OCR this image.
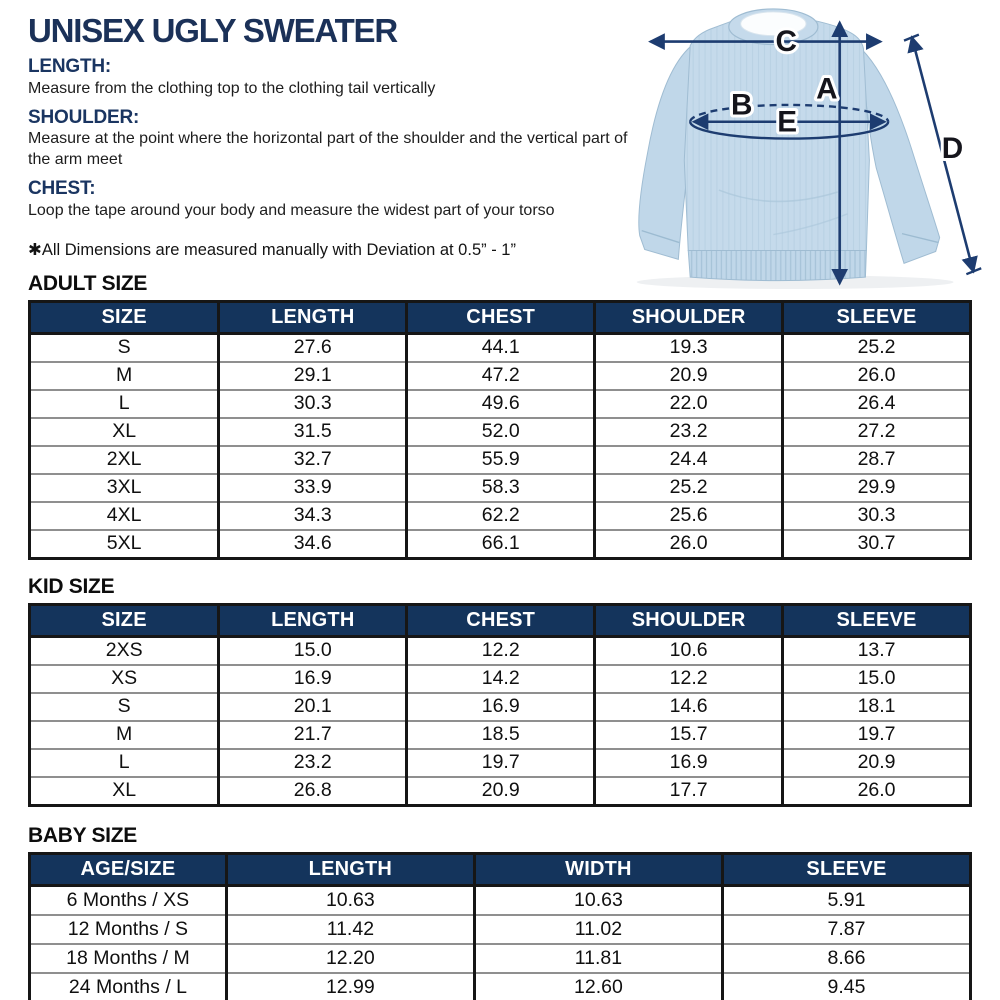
UNISEX UGLY SWEATER
LENGTH:

Measure from the clothing top to the clothing tail vertically

SHOULDER:

Measure at the point where the horizontal part of the shoulder and the vertical part of the arm meet

CHEST:

Loop the tape around your body and measure the widest part of your torso

✱All Dimensions are measured manually with Deviation at 0.5” - 1”

C
A
B
E
D
ADULT SIZE
SIZE	LENGTH	CHEST	SHOULDER	SLEEVE
S	27.6	44.1	19.3	25.2
M	29.1	47.2	20.9	26.0
L	30.3	49.6	22.0	26.4
XL	31.5	52.0	23.2	27.2
2XL	32.7	55.9	24.4	28.7
3XL	33.9	58.3	25.2	29.9
4XL	34.3	62.2	25.6	30.3
5XL	34.6	66.1	26.0	30.7
KID SIZE
SIZE	LENGTH	CHEST	SHOULDER	SLEEVE
2XS	15.0	12.2	10.6	13.7
XS	16.9	14.2	12.2	15.0
S	20.1	16.9	14.6	18.1
M	21.7	18.5	15.7	19.7
L	23.2	19.7	16.9	20.9
XL	26.8	20.9	17.7	26.0
BABY SIZE
AGE/SIZE	LENGTH	WIDTH	SLEEVE
6 Months / XS	10.63	10.63	5.91
12 Months / S	11.42	11.02	7.87
18 Months / M	12.20	11.81	8.66
24 Months / L	12.99	12.60	9.45
